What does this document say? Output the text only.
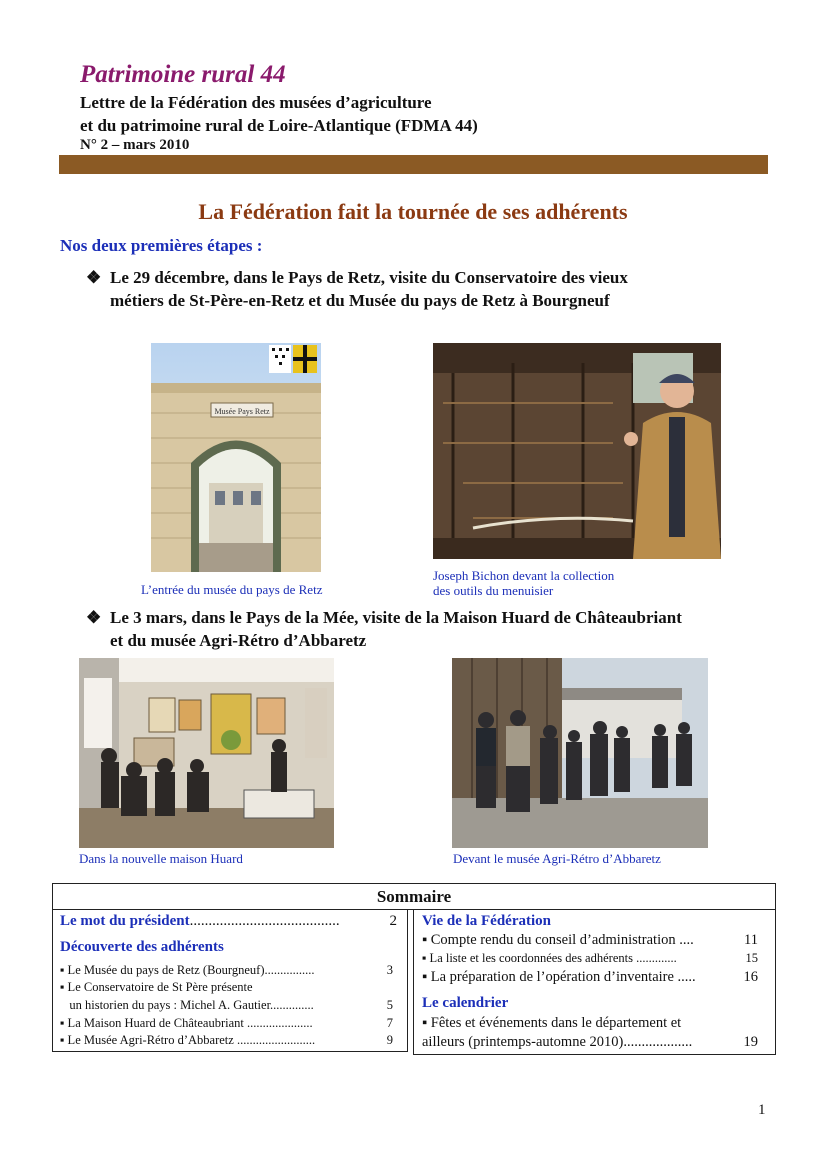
Patrimoine rural 44
Lettre de la Fédération des musées d’agriculture
et du patrimoine rural de Loire-Atlantique (FDMA 44)
N° 2 – mars 2010
La Fédération fait la tournée de ses adhérents
Nos deux premières étapes :
❖ Le 29 décembre, dans le Pays de Retz, visite du Conservatoire des vieux
métiers de St-Père-en-Retz et du Musée du pays de Retz à Bourgneuf
Musée Pays Retz
L’entrée du musée du pays de Retz
Joseph Bichon devant la collection
des outils du menuisier
❖ Le 3 mars, dans le Pays de la Mée, visite de la Maison Huard de Châteaubriant
et du musée Agri-Rétro d’Abbaretz
Dans la nouvelle maison Huard	Devant le musée Agri-Rétro d’Abbaretz
Sommaire
Le mot du président........................................	2
Découverte des adhérents
▪ Le Musée du pays de Retz (Bourgneuf)................	3
▪ Le Conservatoire de St Père présente
un historien du pays : Michel A. Gautier..............	5
▪ La Maison Huard de Châteaubriant .....................	7
▪ Le Musée Agri-Rétro d’Abbaretz .........................	9
Vie de la Fédération
▪ Compte rendu du conseil d’administration ....	11
▪ La liste et les coordonnées des adhérents .............	15
▪ La préparation de l’opération d’inventaire .....	16
Le calendrier
▪ Fêtes et événements dans le département et
ailleurs (printemps-automne 2010)...................	19
1
